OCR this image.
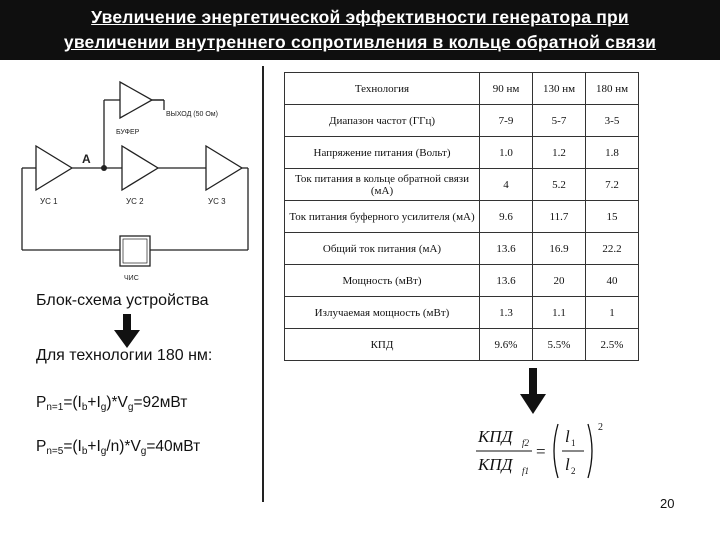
Увеличение энергетической эффективности генератора при
увеличении внутреннего сопротивления в кольце обратной связи
ВЫХОД (50 Ом)
БУФЕР
А
УС 1	УС 2	УС 3
ЧИС
Блок-схема устройства
Для технологии 180 нм:
$P_{n=1}=(I_b+I_g)*V_g=92мВт$
$P_{n=5}=(I_b+I_g/n)*V_g=40мВт$
Технология	90 нм	130 нм	180 нм
Диапазон частот (ГГц)	7-9	5-7	3-5
Напряжение питания (Вольт)	1.0	1.2	1.8
Ток питания в кольце обратной связи (мА)	4	5.2	7.2
Ток питания буферного усилителя (мА)	9.6	11.7	15
Общий ток питания (мА)	13.6	16.9	22.2
Мощность (мВт)	13.6	20	40
Излучаемая мощность (мВт)	1.3	1.1	1
КПД	9.6%	5.5%	2.5%
КПД f2
КПД f1
=
l 1
l 2
2
20
